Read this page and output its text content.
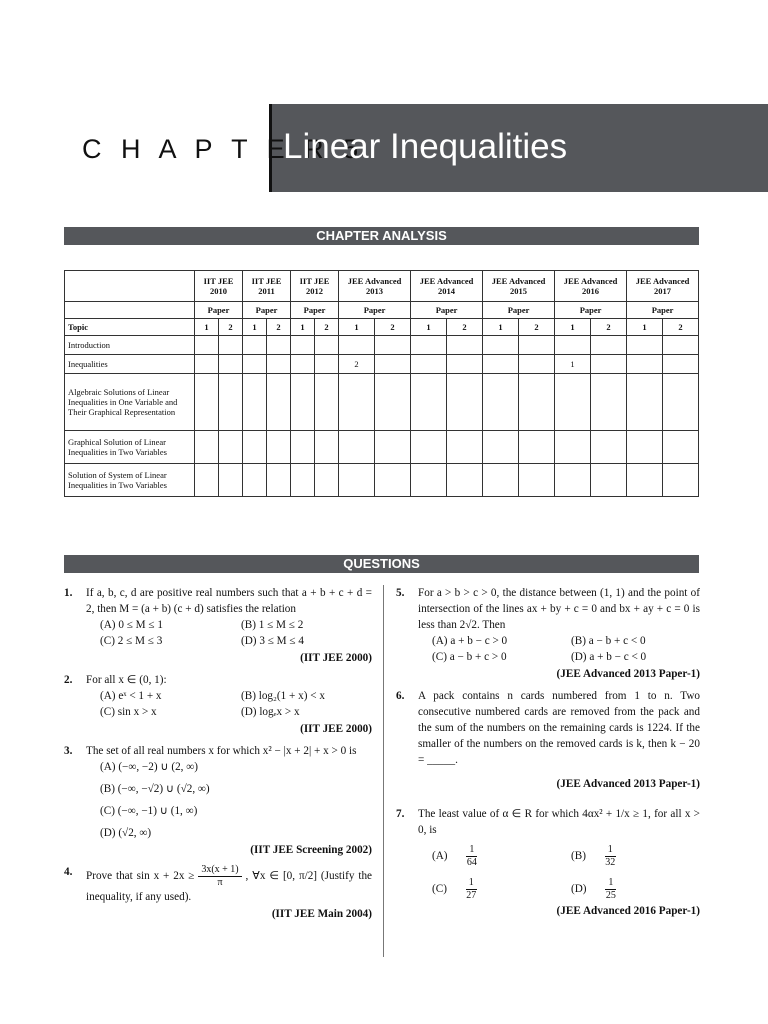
C H A P T E R 5
Linear Inequalities
CHAPTER ANALYSIS
	IIT JEE 2010		IIT JEE 2011		IIT JEE 2012		JEE Advanced 2013		JEE Advanced 2014		JEE Advanced 2015		JEE Advanced 2016		JEE Advanced 2017	
	Paper		Paper		Paper		Paper		Paper		Paper		Paper		Paper	
Topic	1	2	1	2	1	2	1	2	1	2	1	2	1	2	1	2
Introduction																
Inequalities							2						1			
Algebraic Solutions of Linear Inequalities in One Variable and Their Graphical Representation																
Graphical Solution of Linear Inequalities in Two Variables																
Solution of System of Linear Inequalities in Two Variables																
QUESTIONS
1. If a, b, c, d are positive real numbers such that a + b + c + d = 2, then M = (a + b) (c + d) satisfies the relation
(A) 0 ≤ M ≤ 1	(B) 1 ≤ M ≤ 2
(C) 2 ≤ M ≤ 3	(D) 3 ≤ M ≤ 4
(IIT JEE 2000)
2. For all x ∈ (0, 1):
(A) eˣ < 1 + x	(B) log₂(1 + x) < x
(C) sin x > x	(D) logₑx > x
(IIT JEE 2000)
3. The set of all real numbers x for which x² − |x + 2| + x > 0 is
(A) (−∞, −2) ∪ (2, ∞)
(B) (−∞, −√2) ∪ (√2, ∞)
(C) (−∞, −1) ∪ (1, ∞)
(D) (√2, ∞)
(IIT JEE Screening 2002)
4. Prove that $\sin x + 2x \ge \frac{3x(x + 1)}{\pi}$ , ∀x ∈ [0, π/2] (Justify the inequality, if any used).
(IIT JEE Main 2004)
5. For a > b > c > 0, the distance between (1, 1) and the point of intersection of the lines ax + by + c = 0 and bx + ay + c = 0 is less than 2√2. Then
(A) a + b − c > 0	(B) a − b + c < 0
(C) a − b + c > 0	(D) a + b − c < 0
(JEE Advanced 2013 Paper-1)
6. A pack contains n cards numbered from 1 to n. Two consecutive numbered cards are removed from the pack and the sum of the numbers on the remaining cards is 1224. If the smaller of the numbers on the removed cards is k, then k − 20 = _____.
(JEE Advanced 2013 Paper-1)
7. The least value of α ∈ R for which 4αx² + 1/x ≥ 1, for all x > 0, is
$(A) \frac{1}{64}$	$(B) \frac{1}{32}$
$(C) \frac{1}{27}$	$(D) \frac{1}{25}$
(JEE Advanced 2016 Paper-1)
